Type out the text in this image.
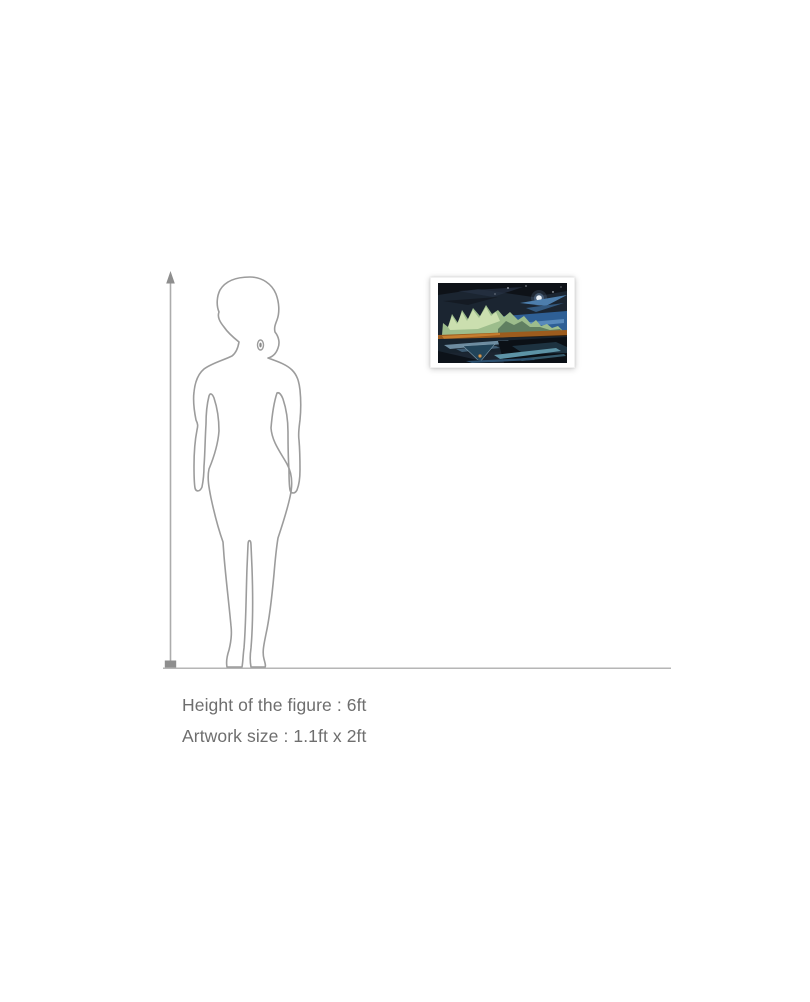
Height of the figure : 6ft
Artwork size : 1.1ft x 2ft
